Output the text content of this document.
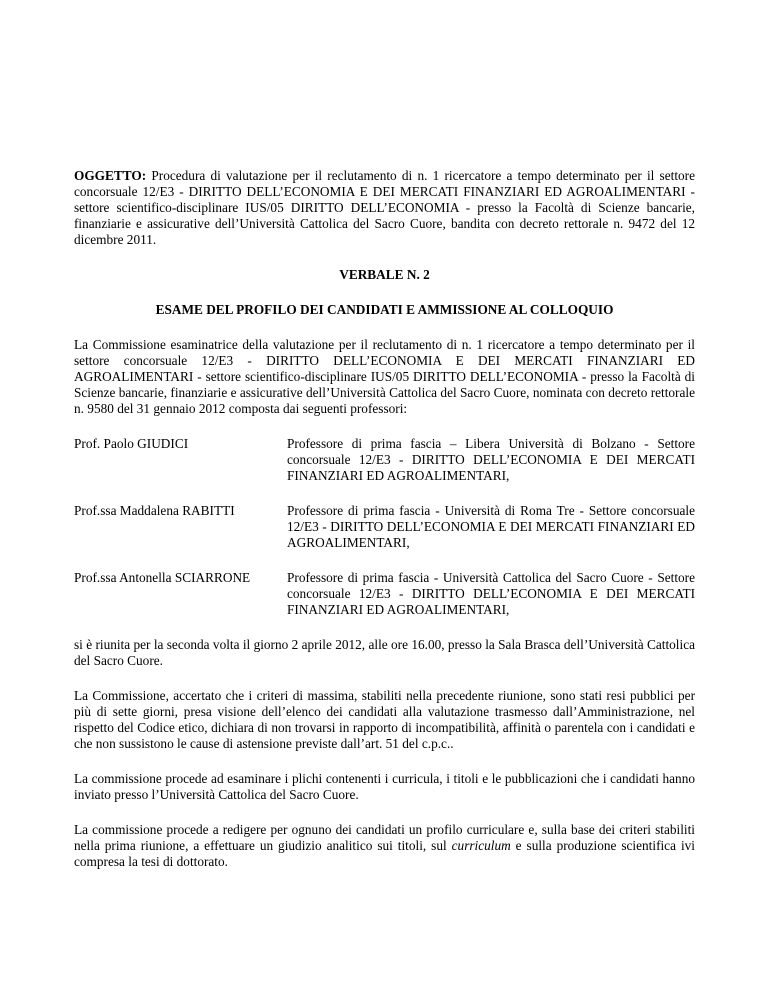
OGGETTO: Procedura di valutazione per il reclutamento di n. 1 ricercatore a tempo determinato per il settore concorsuale 12/E3 - DIRITTO DELL’ECONOMIA E DEI MERCATI FINANZIARI ED AGROALIMENTARI - settore scientifico-disciplinare IUS/05 DIRITTO DELL’ECONOMIA - presso la Facoltà di Scienze bancarie, finanziarie e assicurative dell’Università Cattolica del Sacro Cuore, bandita con decreto rettorale n. 9472 del 12 dicembre 2011.

VERBALE N. 2

ESAME DEL PROFILO DEI CANDIDATI E AMMISSIONE AL COLLOQUIO

La Commissione esaminatrice della valutazione per il reclutamento di n. 1 ricercatore a tempo determinato per il settore concorsuale 12/E3 - DIRITTO DELL’ECONOMIA E DEI MERCATI FINANZIARI ED AGROALIMENTARI - settore scientifico-disciplinare IUS/05 DIRITTO DELL’ECONOMIA - presso la Facoltà di Scienze bancarie, finanziarie e assicurative dell’Università Cattolica del Sacro Cuore, nominata con decreto rettorale n. 9580 del 31 gennaio 2012 composta dai seguenti professori:

Prof. Paolo GIUDICI	Professore di prima fascia – Libera Università di Bolzano - Settore concorsuale 12/E3 - DIRITTO DELL’ECONOMIA E DEI MERCATI FINANZIARI ED AGROALIMENTARI,
Prof.ssa Maddalena RABITTI	Professore di prima fascia - Università di Roma Tre - Settore concorsuale 12/E3 - DIRITTO DELL’ECONOMIA E DEI MERCATI FINANZIARI ED AGROALIMENTARI,
Prof.ssa Antonella SCIARRONE	Professore di prima fascia - Università Cattolica del Sacro Cuore - Settore concorsuale 12/E3 - DIRITTO DELL’ECONOMIA E DEI MERCATI FINANZIARI ED AGROALIMENTARI,

si è riunita per la seconda volta il giorno 2 aprile 2012, alle ore 16.00, presso la Sala Brasca dell’Università Cattolica del Sacro Cuore.

La Commissione, accertato che i criteri di massima, stabiliti nella precedente riunione, sono stati resi pubblici per più di sette giorni, presa visione dell’elenco dei candidati alla valutazione trasmesso dall’Amministrazione, nel rispetto del Codice etico, dichiara di non trovarsi in rapporto di incompatibilità, affinità o parentela con i candidati e che non sussistono le cause di astensione previste dall’art. 51 del c.p.c..

La commissione procede ad esaminare i plichi contenenti i curricula, i titoli e le pubblicazioni che i candidati hanno inviato presso l’Università Cattolica del Sacro Cuore.

La commissione procede a redigere per ognuno dei candidati un profilo curriculare e, sulla base dei criteri stabiliti nella prima riunione, a effettuare un giudizio analitico sui titoli, sul curriculum e sulla produzione scientifica ivi compresa la tesi di dottorato.
